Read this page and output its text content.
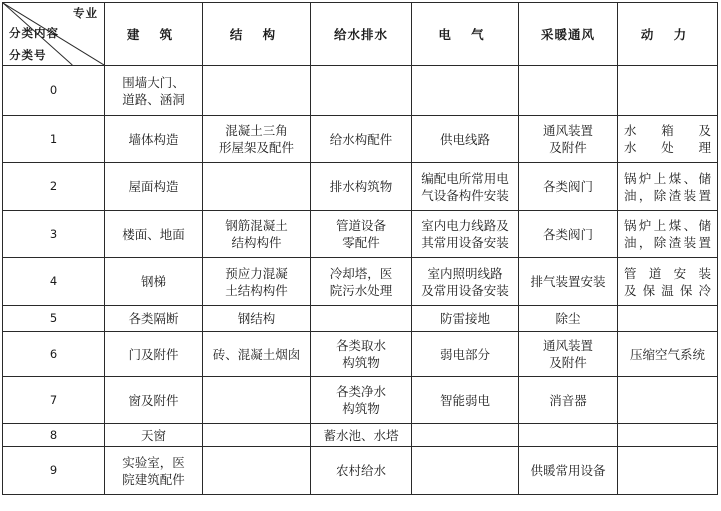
专业
分类内容
分类号	建 筑	结 构	给水排水	电 气	采暖通风	动 力
0	围墙大门、
道路、涵洞					

1	墙体构造	混凝土三角
形屋架及配件	给水构配件	供电线路	通风装置
及附件	水箱及
水处理

2	屋面构造		排水构筑物	编配电所常用电
气设备构件安装	各类阀门	锅炉上煤、储
油，除渣装置

3	楼面、地面	钢筋混凝土
结构构件	管道设备
零配件	室内电力线路及
其常用设备安装	各类阀门	锅炉上煤、储
油，除渣装置

4	钢梯	预应力混凝
土结构构件	冷却塔，医
院污水处理	室内照明线路
及常用设备安装	排气装置安装	管道安装
及保温保冷

5	各类隔断	钢结构		防雷接地	除尘	

6	门及附件	砖、混凝土烟囱	各类取水
构筑物	弱电部分	通风装置
及附件	压缩空气系统

7	窗及附件		各类净水
构筑物	智能弱电	消音器	

8	天窗		蓄水池、水塔			

9	实验室，医
院建筑配件		农村给水		供暖常用设备	
